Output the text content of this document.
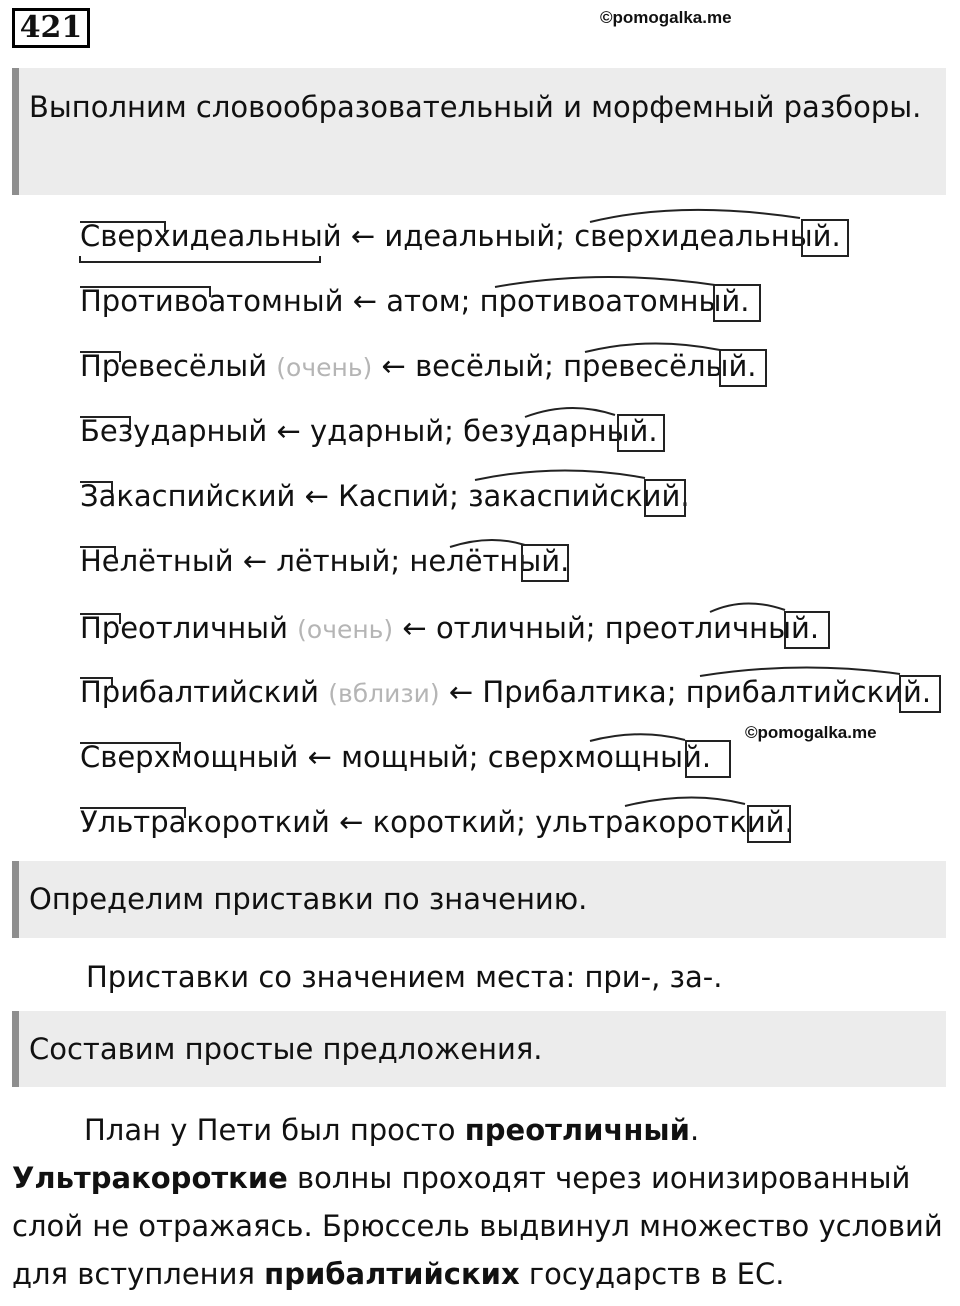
421	©pomogalka.me
Выполним словообразовательный и морфемный разборы.
Сверхидеальный ← идеальный; сверхидеальный.
Противоатомный ← атом; противоатомный.
Превесёлый (очень) ← весёлый; превесёлый.
Безударный ← ударный; безударный.
Закаспийский ← Каспий; закаспийский.
Нелётный ← лётный; нелётный.
Преотличный (очень) ← отличный; преотличный.
Прибалтийский (вблизи) ← Прибалтика; прибалтийский.
©pomogalka.me
Сверхмощный ← мощный; сверхмощный.
Ультракороткий ← короткий; ультракороткий.
Определим приставки по значению.
Приставки со значением места: при-, за-.
Составим простые предложения.
План у Пети был просто преотличный. Ультракороткие волны проходят через ионизированный слой не отражаясь. Брюссель выдвинул множество условий для вступления прибалтийских государств в ЕС.
